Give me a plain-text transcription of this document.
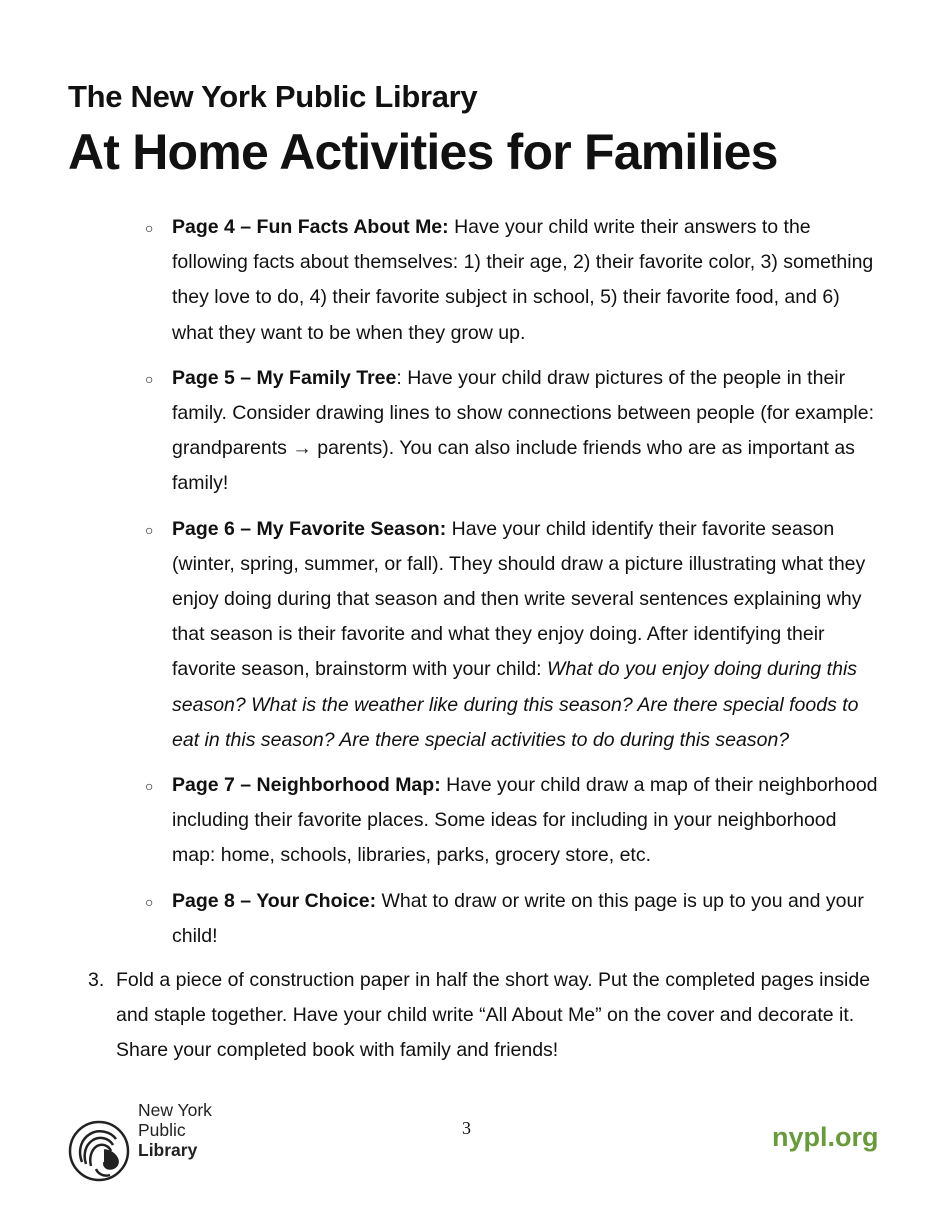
The New York Public Library
At Home Activities for Families
○ Page 4 – Fun Facts About Me: Have your child write their answers to the following facts about themselves: 1) their age, 2) their favorite color, 3) something they love to do, 4) their favorite subject in school, 5) their favorite food, and 6) what they want to be when they grow up.
○ Page 5 – My Family Tree: Have your child draw pictures of the people in their family. Consider drawing lines to show connections between people (for example: grandparents → parents). You can also include friends who are as important as family!
○ Page 6 – My Favorite Season: Have your child identify their favorite season (winter, spring, summer, or fall). They should draw a picture illustrating what they enjoy doing during that season and then write several sentences explaining why that season is their favorite and what they enjoy doing. After identifying their favorite season, brainstorm with your child: What do you enjoy doing during this season? What is the weather like during this season? Are there special foods to eat in this season? Are there special activities to do during this season?
○ Page 7 – Neighborhood Map: Have your child draw a map of their neighborhood including their favorite places. Some ideas for including in your neighborhood map: home, schools, libraries, parks, grocery store, etc.
○ Page 8 – Your Choice: What to draw or write on this page is up to you and your child!
3. Fold a piece of construction paper in half the short way. Put the completed pages inside and staple together. Have your child write “All About Me” on the cover and decorate it. Share your completed book with family and friends!
New York
Public
Library
3	nypl.org
